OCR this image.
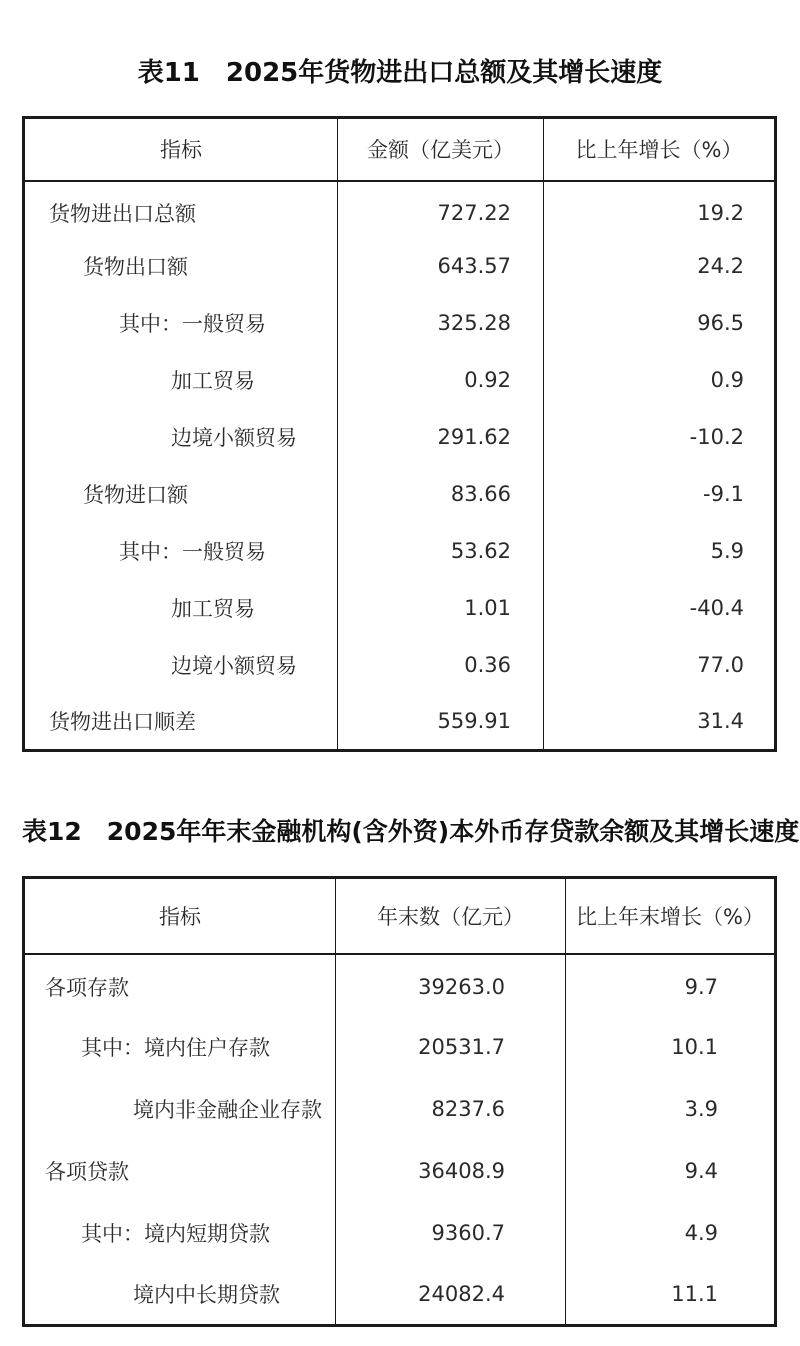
表11　2025年货物进出口总额及其增长速度
指标	金额（亿美元）	比上年增长（%）
货物进出口总额	727.22	19.2
货物出口额	643.57	24.2
其中：一般贸易	325.28	96.5
加工贸易	0.92	0.9
边境小额贸易	291.62	-10.2
货物进口额	83.66	-9.1
其中：一般贸易	53.62	5.9
加工贸易	1.01	-40.4
边境小额贸易	0.36	77.0
货物进出口顺差	559.91	31.4
表12　2025年年末金融机构(含外资)本外币存贷款余额及其增长速度
指标	年末数（亿元）	比上年末增长（%）
各项存款	39263.0	9.7
其中：境内住户存款	20531.7	10.1
境内非金融企业存款	8237.6	3.9
各项贷款	36408.9	9.4
其中：境内短期贷款	9360.7	4.9
境内中长期贷款	24082.4	11.1
